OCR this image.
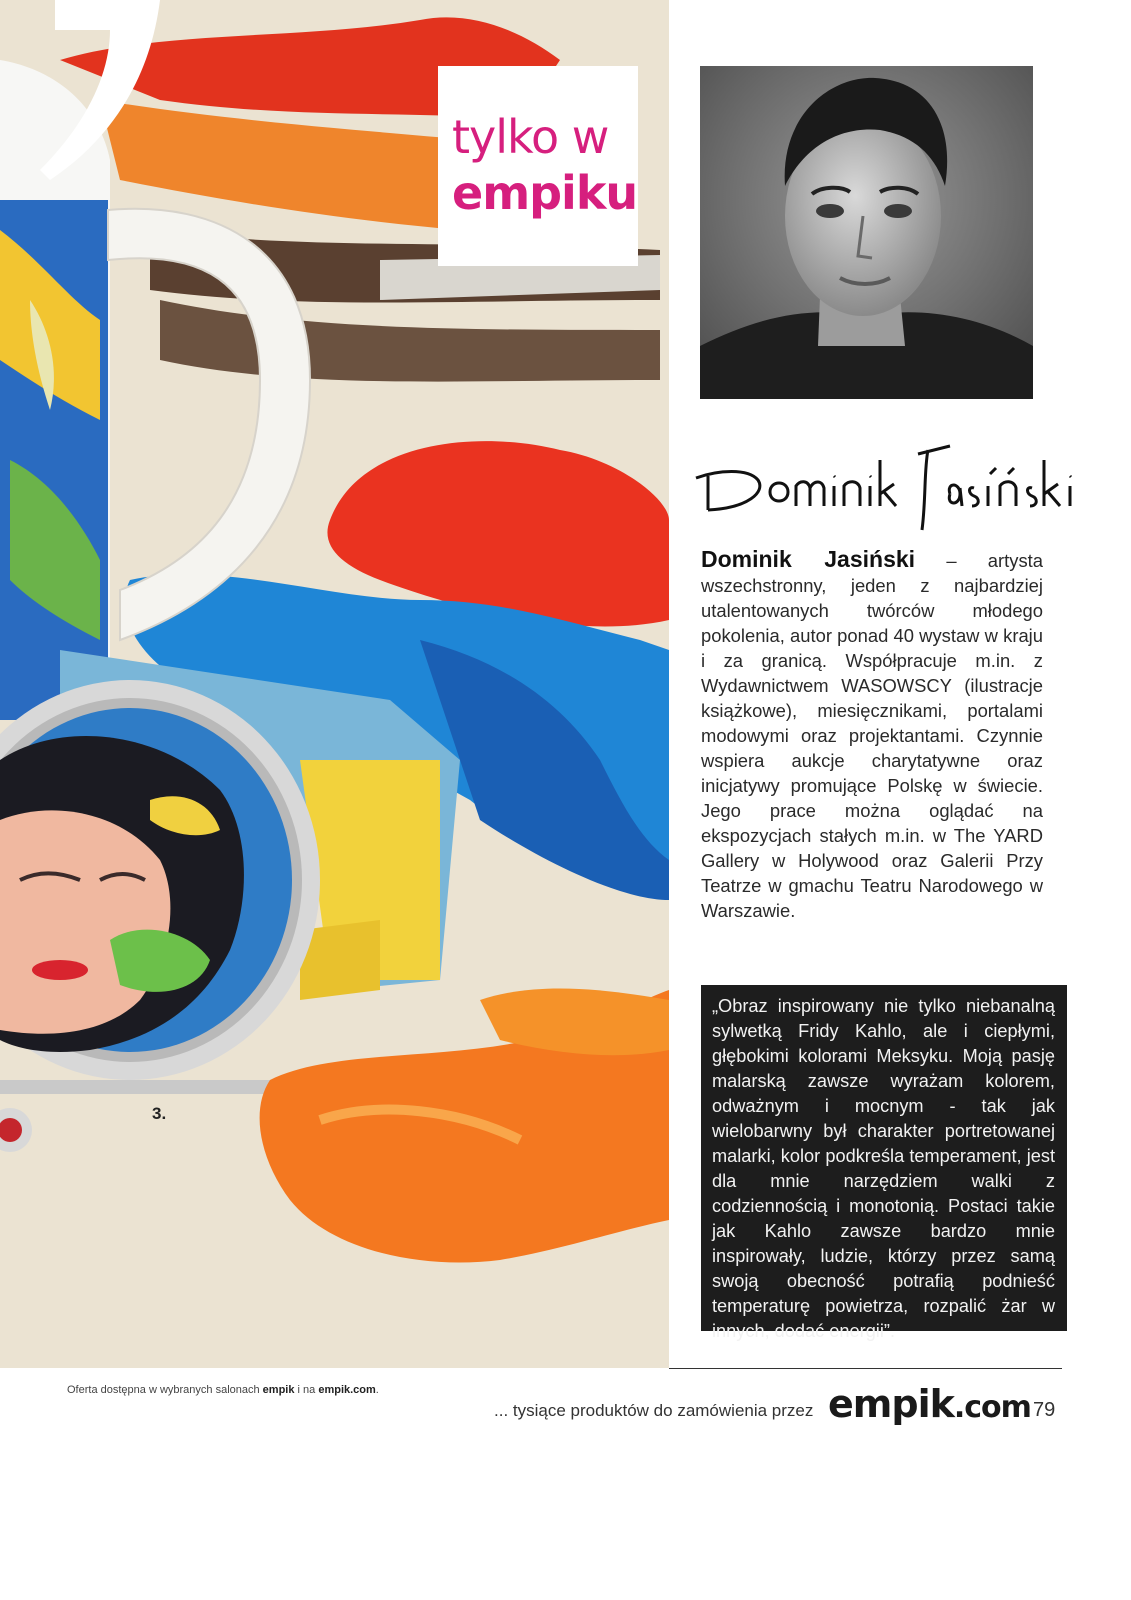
tylko w
empiku
3.
Dominik Jasiński – artysta wszechstronny, jeden z najbardziej utalentowanych twórców młodego pokolenia, autor ponad 40 wystaw w kraju i za granicą. Współpracuje m.in. z Wydawnictwem WASOWSCY (ilustracje książkowe), miesięcznikami, portalami modowymi oraz projektantami. Czynnie wspiera aukcje charytatywne oraz inicjatywy promujące Polskę w świecie. Jego prace można oglądać na ekspozycjach stałych m.in. w The YARD Gallery w Holywood oraz Galerii Przy Teatrze w gmachu Teatru Narodowego w Warszawie.
„Obraz inspirowany nie tylko niebanalną sylwetką Fridy Kahlo, ale i ciepłymi, głębokimi kolorami Meksyku. Moją pasję malarską zawsze wyrażam kolorem, odważnym i mocnym - tak jak wielobarwny był charakter portretowanej malarki, kolor podkreśla temperament, jest dla mnie narzędziem walki z codziennością i monotonią. Postaci takie jak Kahlo zawsze bardzo mnie inspirowały, ludzie, którzy przez samą swoją obecność potrafią podnieść temperaturę powietrza, rozpalić żar w innych, dodać energii”.
Oferta dostępna w wybranych salonach empik i na empik.com.
... tysiące produktów do zamówienia przez empik.com 79
